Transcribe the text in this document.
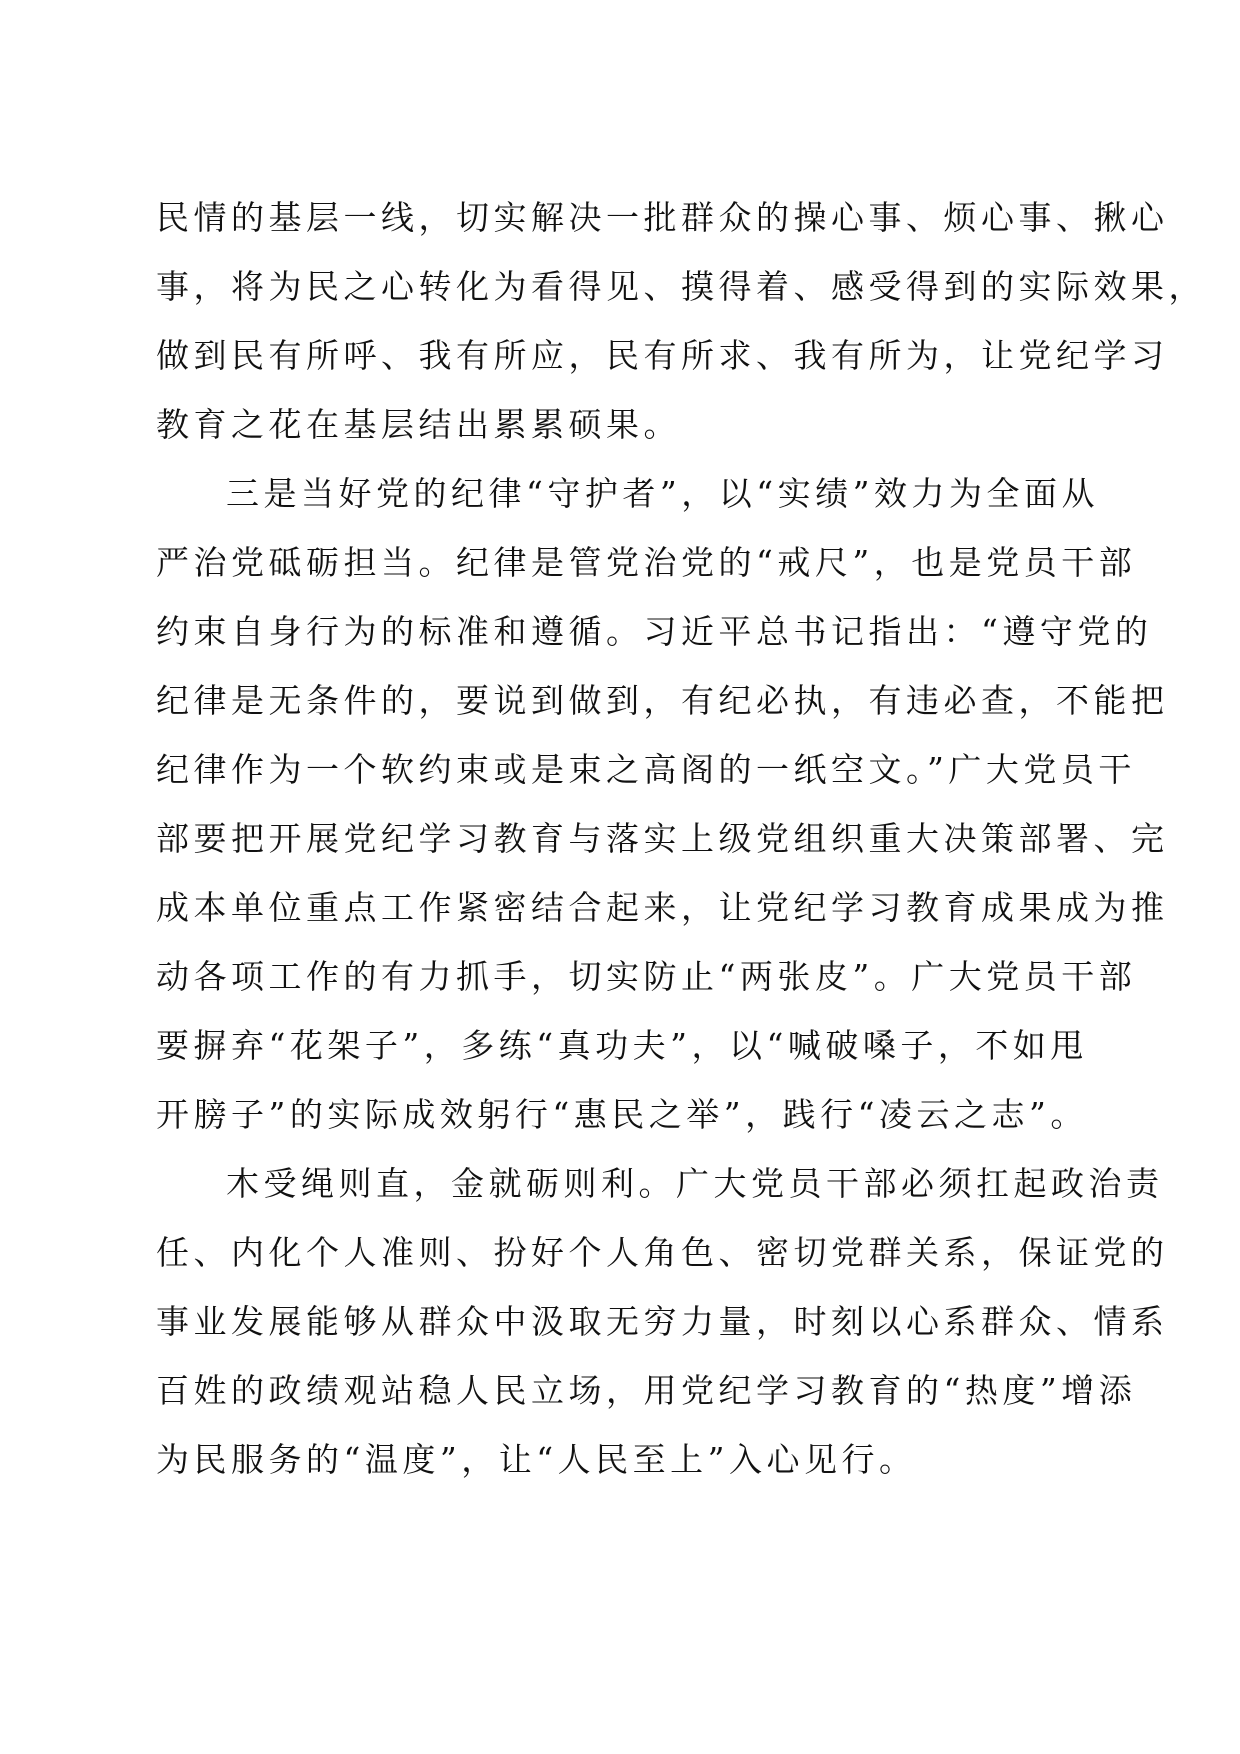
民情的基层一线，切实解决一批群众的操心事、烦心事、揪心
事，将为民之心转化为看得见、摸得着、感受得到的实际效果，
做到民有所呼、我有所应，民有所求、我有所为，让党纪学习
教育之花在基层结出累累硕果。
三是当好党的纪律“守护者”，以“实绩”效力为全面从
严治党砥砺担当。纪律是管党治党的“戒尺”，也是党员干部
约束自身行为的标准和遵循。习近平总书记指出：“遵守党的
纪律是无条件的，要说到做到，有纪必执，有违必查，不能把
纪律作为一个软约束或是束之高阁的一纸空文。”广大党员干
部要把开展党纪学习教育与落实上级党组织重大决策部署、完
成本单位重点工作紧密结合起来，让党纪学习教育成果成为推
动各项工作的有力抓手，切实防止“两张皮”。广大党员干部
要摒弃“花架子”，多练“真功夫”，以“喊破嗓子，不如甩
开膀子”的实际成效躬行“惠民之举”，践行“凌云之志”。
木受绳则直，金就砺则利。广大党员干部必须扛起政治责
任、内化个人准则、扮好个人角色、密切党群关系，保证党的
事业发展能够从群众中汲取无穷力量，时刻以心系群众、情系
百姓的政绩观站稳人民立场，用党纪学习教育的“热度”增添
为民服务的“温度”，让“人民至上”入心见行。
